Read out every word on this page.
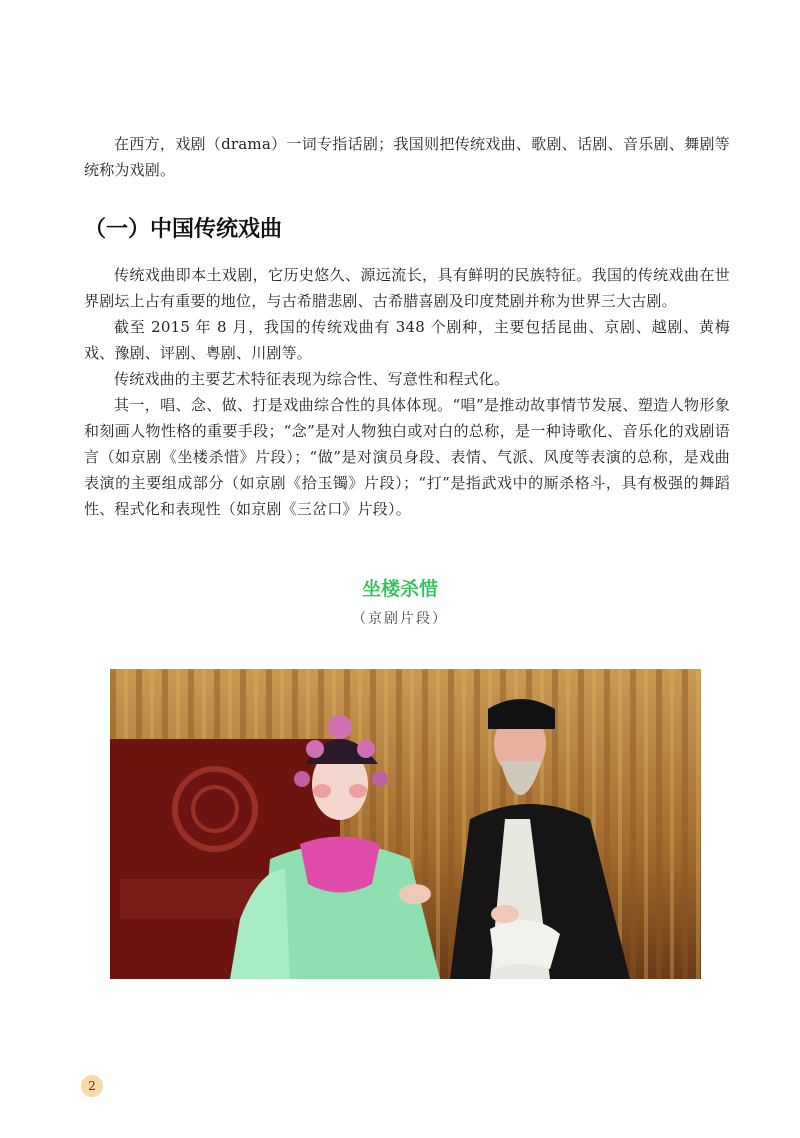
在西方，戏剧（drama）一词专指话剧；我国则把传统戏曲、歌剧、话剧、音乐剧、舞剧等统称为戏剧。

（一）中国传统戏曲

传统戏曲即本土戏剧，它历史悠久、源远流长，具有鲜明的民族特征。我国的传统戏曲在世界剧坛上占有重要的地位，与古希腊悲剧、古希腊喜剧及印度梵剧并称为世界三大古剧。

截至 2015 年 8 月，我国的传统戏曲有 348 个剧种，主要包括昆曲、京剧、越剧、黄梅戏、豫剧、评剧、粤剧、川剧等。

传统戏曲的主要艺术特征表现为综合性、写意性和程式化。

其一，唱、念、做、打是戏曲综合性的具体体现。“唱”是推动故事情节发展、塑造人物形象和刻画人物性格的重要手段；“念”是对人物独白或对白的总称，是一种诗歌化、音乐化的戏剧语言（如京剧《坐楼杀惜》片段）；“做”是对演员身段、表情、气派、风度等表演的总称，是戏曲表演的主要组成部分（如京剧《拾玉镯》片段）；“打”是指武戏中的厮杀格斗，具有极强的舞蹈性、程式化和表现性（如京剧《三岔口》片段）。

坐楼杀惜

（京剧片段）

2
